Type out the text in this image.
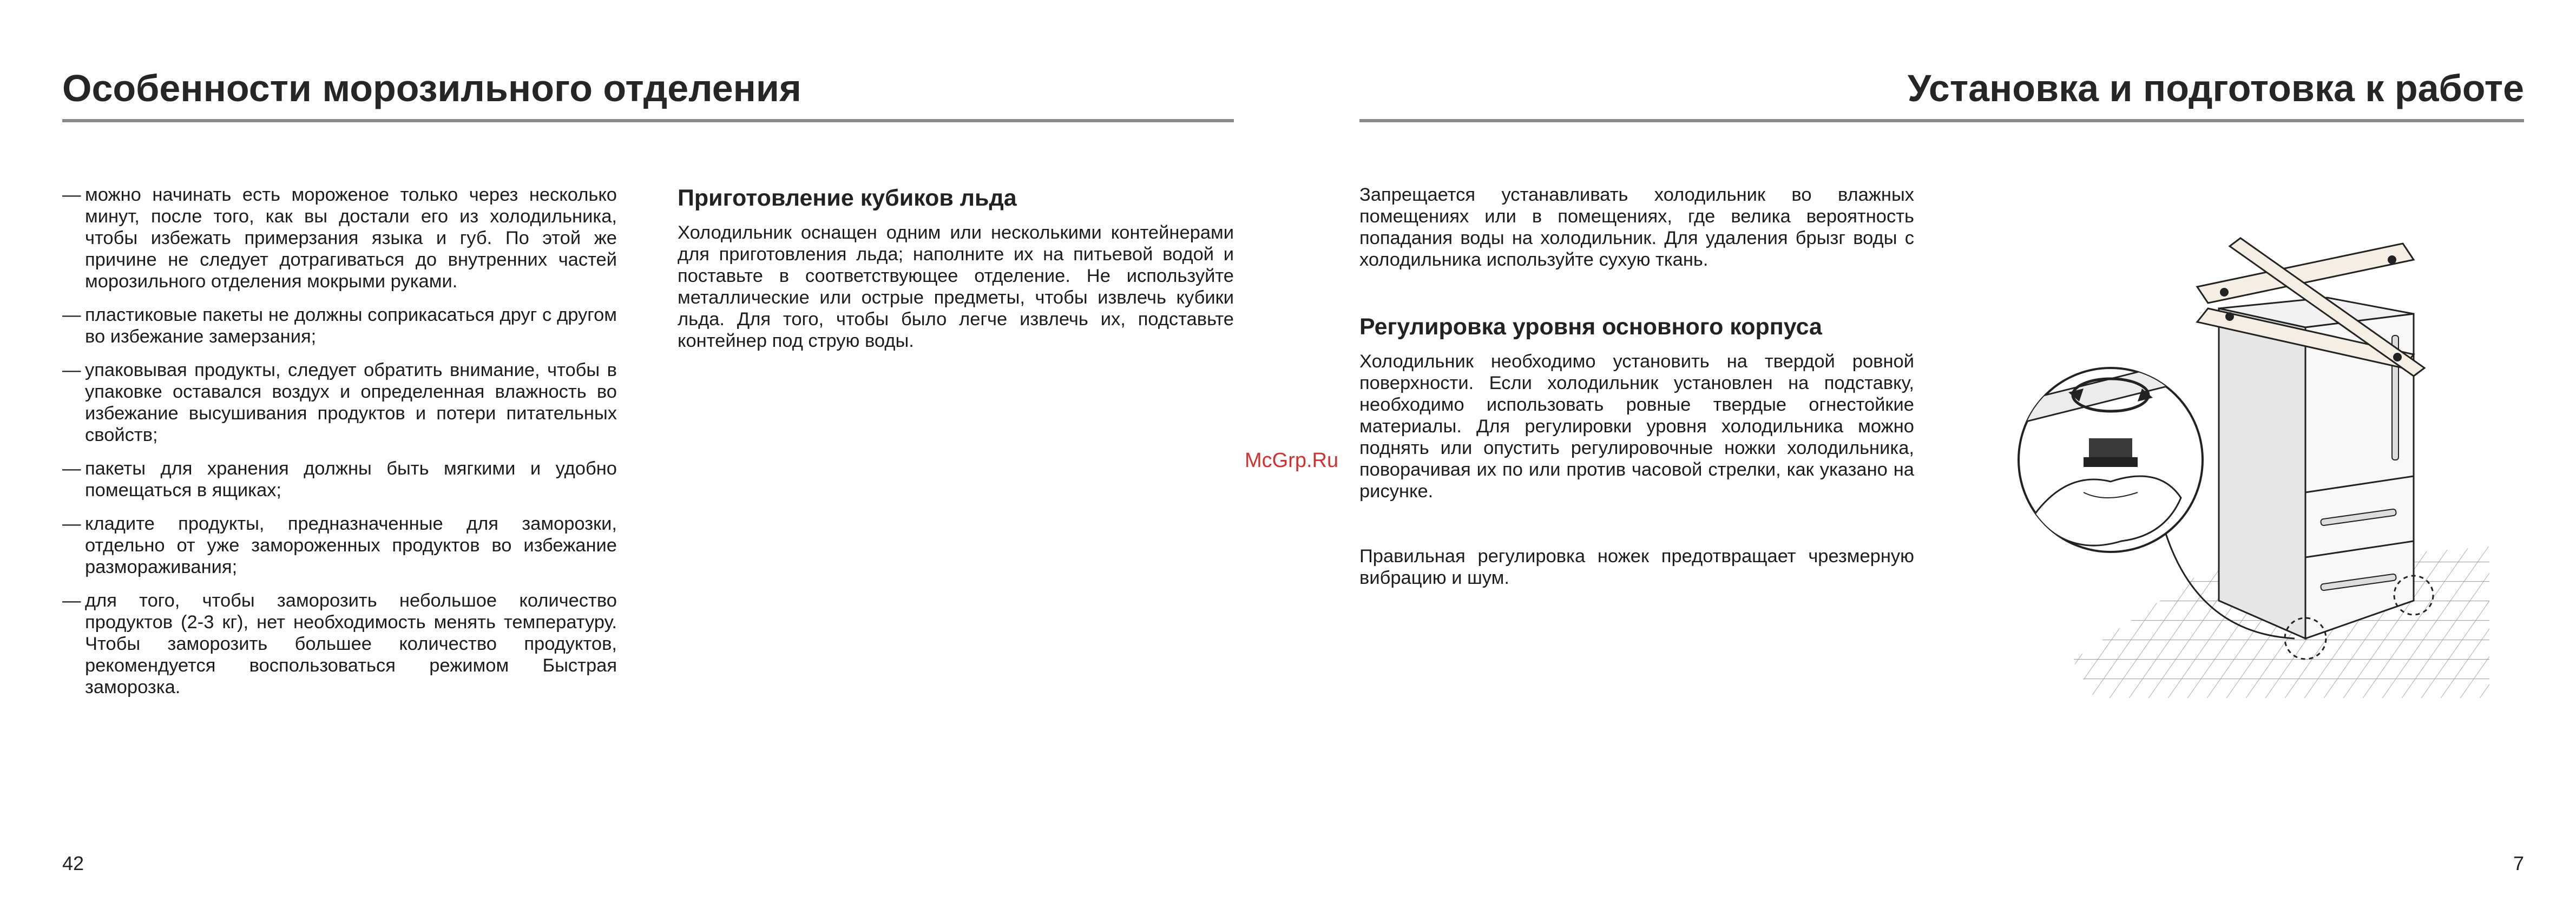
Особенности морозильного отделения
— можно начинать есть мороженое только через несколько минут, после того, как вы достали его из холодильника, чтобы избежать примерзания языка и губ. По этой же причине не следует дотрагиваться до внутренних частей морозильного отделения мокрыми руками.
— пластиковые пакеты не должны соприкасаться друг с другом во избежание замерзания;
— упаковывая продукты, следует обратить внимание, чтобы в упаковке оставался воздух и определенная влажность во избежание высушивания продуктов и потери питательных свойств;
— пакеты для хранения должны быть мягкими и удобно помещаться в ящиках;
— кладите продукты, предназначенные для заморозки, отдельно от уже замороженных продуктов во избежание размораживания;
— для того, чтобы заморозить небольшое количество продуктов (2-3 кг), нет необходимость менять температуру. Чтобы заморозить большее количество продуктов, рекомендуется воспользоваться режимом Быстрая заморозка.
Приготовление кубиков льда

Холодильник оснащен одним или несколькими контейнерами для приготовления льда; наполните их на питьевой водой и поставьте в соответствующее отделение. Не используйте металлические или острые предметы, чтобы извлечь кубики льда. Для того, чтобы было легче извлечь их, подставьте контейнер под струю воды.

42
McGrp.Ru
Установка и подготовка к работе

Запрещается устанавливать холодильник во влажных помещениях или в помещениях, где велика вероятность попадания воды на холодильник. Для удаления брызг воды с холодильника используйте сухую ткань.

Регулировка уровня основного корпуса

Холодильник необходимо установить на твердой ровной поверхности. Если холодильник установлен на подставку, необходимо использовать ровные твердые огнестойкие материалы. Для регулировки уровня холодильника можно поднять или опустить регулировочные ножки холодильника, поворачивая их по или против часовой стрелки, как указано на рисунке.

Правильная регулировка ножек предотвращает чрезмерную вибрацию и шум.

7
